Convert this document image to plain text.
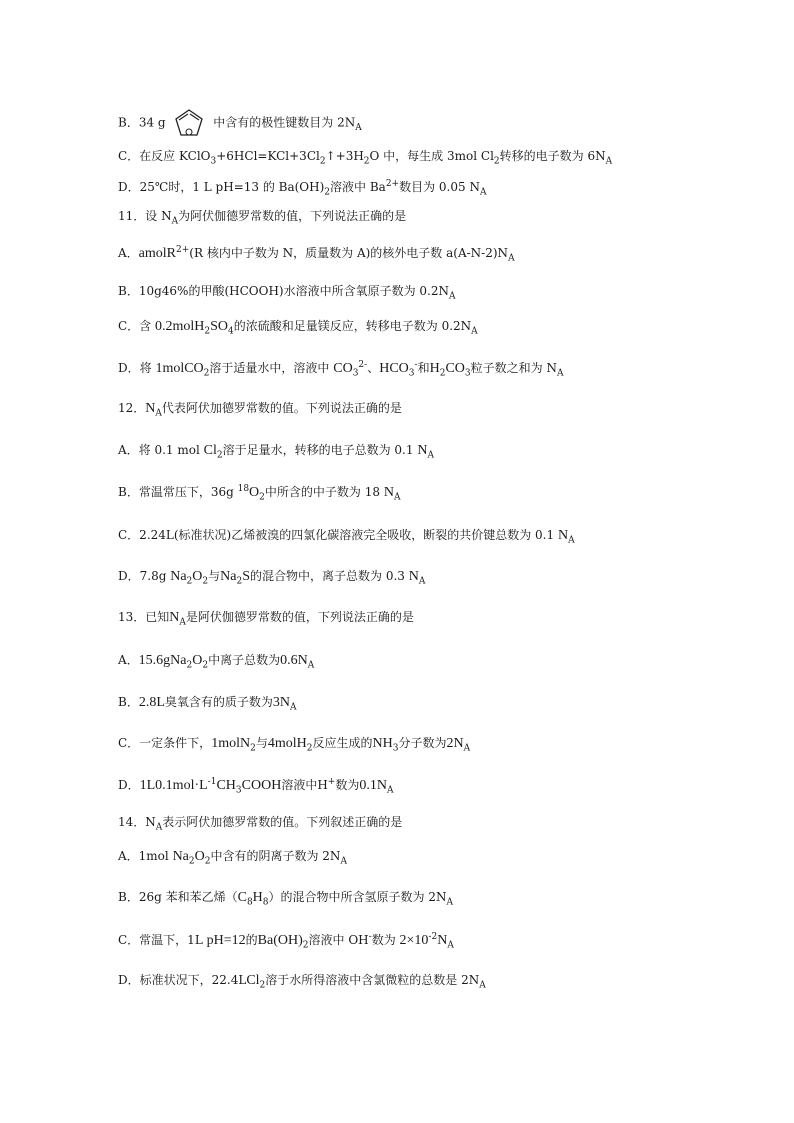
B．34 g	中含有的极性键数目为 $2N_A$
C．在反应 $KClO_3+6HCl=KCl+3Cl_2↑+3H_2O$ 中，每生成 3mol $Cl_2$转移的电子数为 $6N_A$
D．25℃时，1 L pH=13 的 $Ba(OH)_2$溶液中 $Ba^{2+}$数目为 0.05 $N_A$
11．设 $N_A$为阿伏伽德罗常数的值，下列说法正确的是
A．amolR$^{2+}$(R 核内中子数为 N，质量数为 A)的核外电子数 $a(A-N-2)N_A$
B．10g46%的甲酸(HCOOH)水溶液中所含氧原子数为 $0.2N_A$
C．含 $0.2molH_2SO_4$的浓硫酸和足量镁反应，转移电子数为 $0.2N_A$
D．将 1molCO$_2$溶于适量水中，溶液中 $CO_3^{2-}$、$HCO_3^-$和$H_2CO_3$粒子数之和为 $N_A$
12．$N_A$代表阿伏加德罗常数的值。下列说法正确的是
A．将 0.1 mol $Cl_2$溶于足量水，转移的电子总数为 0.1 $N_A$
B．常温常压下，36g $^{18}O_2$中所含的中子数为 18 $N_A$
C．2.24L(标准状况)乙烯被溴的四氯化碳溶液完全吸收，断裂的共价键总数为 0.1 $N_A$
D．7.8g $Na_2O_2$与$Na_2S$的混合物中，离子总数为 0.3 $N_A$
13．已知$N_A$是阿伏伽德罗常数的值，下列说法正确的是
A．$15.6gNa_2O_2$中离子总数为$0.6N_A$
B．2.8L臭氧含有的质子数为$3N_A$
C．一定条件下，1molN$_2$与4molH$_2$反应生成的$NH_3$分子数为$2N_A$
D．$1L0.1mol\cdot L^{-1}CH_3COOH$溶液中H+数为$0.1N_A$
14．$N_A$表示阿伏加德罗常数的值。下列叙述正确的是
A．1mol $Na_2O_2$中含有的阴离子数为 $2N_A$
B．26g 苯和苯乙烯$(C_8H_8)$的混合物中所含氢原子数为 $2N_A$
C．常温下，1L pH=12的$Ba(OH)_2$溶液中 OH-数为 $2\times 10^{-2}N_A$
D．标准状况下，22.4LCl$_2$溶于水所得溶液中含氯微粒的总数是 $2N_A$
